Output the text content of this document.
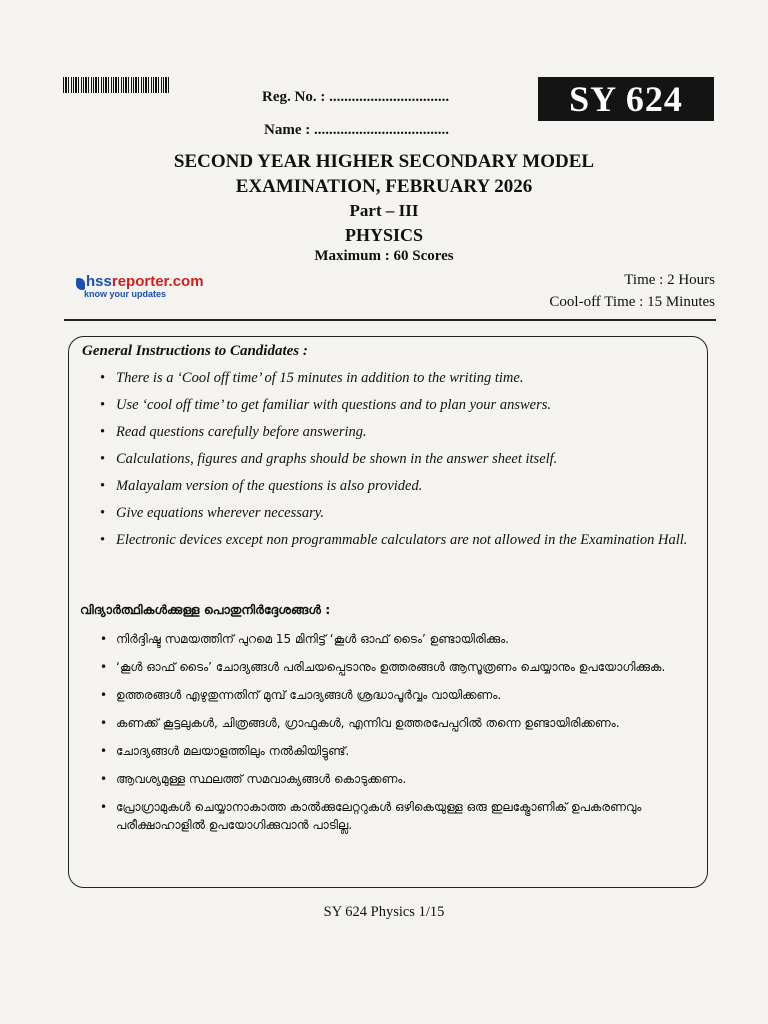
SY 624
Reg. No. : ................................
Name : ....................................
SECOND YEAR HIGHER SECONDARY MODEL
EXAMINATION, FEBRUARY 2026
Part – III
PHYSICS
Maximum : 60 Scores
hssreporter.com
know your updates
Time : 2 Hours
Cool-off Time : 15 Minutes
General Instructions to Candidates :
• There is a ‘Cool off time’ of 15 minutes in addition to the writing time.
• Use ‘cool off time’ to get familiar with questions and to plan your answers.
• Read questions carefully before answering.
• Calculations, figures and graphs should be shown in the answer sheet itself.
• Malayalam version of the questions is also provided.
• Give equations wherever necessary.
• Electronic devices except non programmable calculators are not allowed in the Examination Hall.
വിദ്യാർത്ഥികൾക്കുള്ള പൊതുനിർദ്ദേശങ്ങൾ :
• നിർദ്ദിഷ്ട സമയത്തിന് പുറമെ 15 മിനിട്ട് ‘കൂൾ ഓഫ് ടൈം’ ഉണ്ടായിരിക്കും.
• ‘കൂൾ ഓഫ് ടൈം’ ചോദ്യങ്ങൾ പരിചയപ്പെടാനും ഉത്തരങ്ങൾ ആസൂത്രണം ചെയ്യാനും ഉപയോഗിക്കുക.
• ഉത്തരങ്ങൾ എഴുതുന്നതിന് മുമ്പ് ചോദ്യങ്ങൾ ശ്രദ്ധാപൂർവ്വം വായിക്കണം.
• കണക്ക് കൂട്ടലുകൾ, ചിത്രങ്ങൾ, ഗ്രാഫുകൾ, എന്നിവ ഉത്തരപേപ്പറിൽ തന്നെ ഉണ്ടായിരിക്കണം.
• ചോദ്യങ്ങൾ മലയാളത്തിലും നൽകിയിട്ടുണ്ട്.
• ആവശ്യമുള്ള സ്ഥലത്ത് സമവാക്യങ്ങൾ കൊടുക്കണം.
• പ്രോഗ്രാമുകൾ ചെയ്യാനാകാത്ത കാൽക്കുലേറ്ററുകൾ ഒഴികെയുള്ള ഒരു ഇലക്ട്രോണിക് ഉപകരണവും പരീക്ഷാഹാളിൽ ഉപയോഗിക്കുവാൻ പാടില്ല.
SY 624 Physics 1/15
